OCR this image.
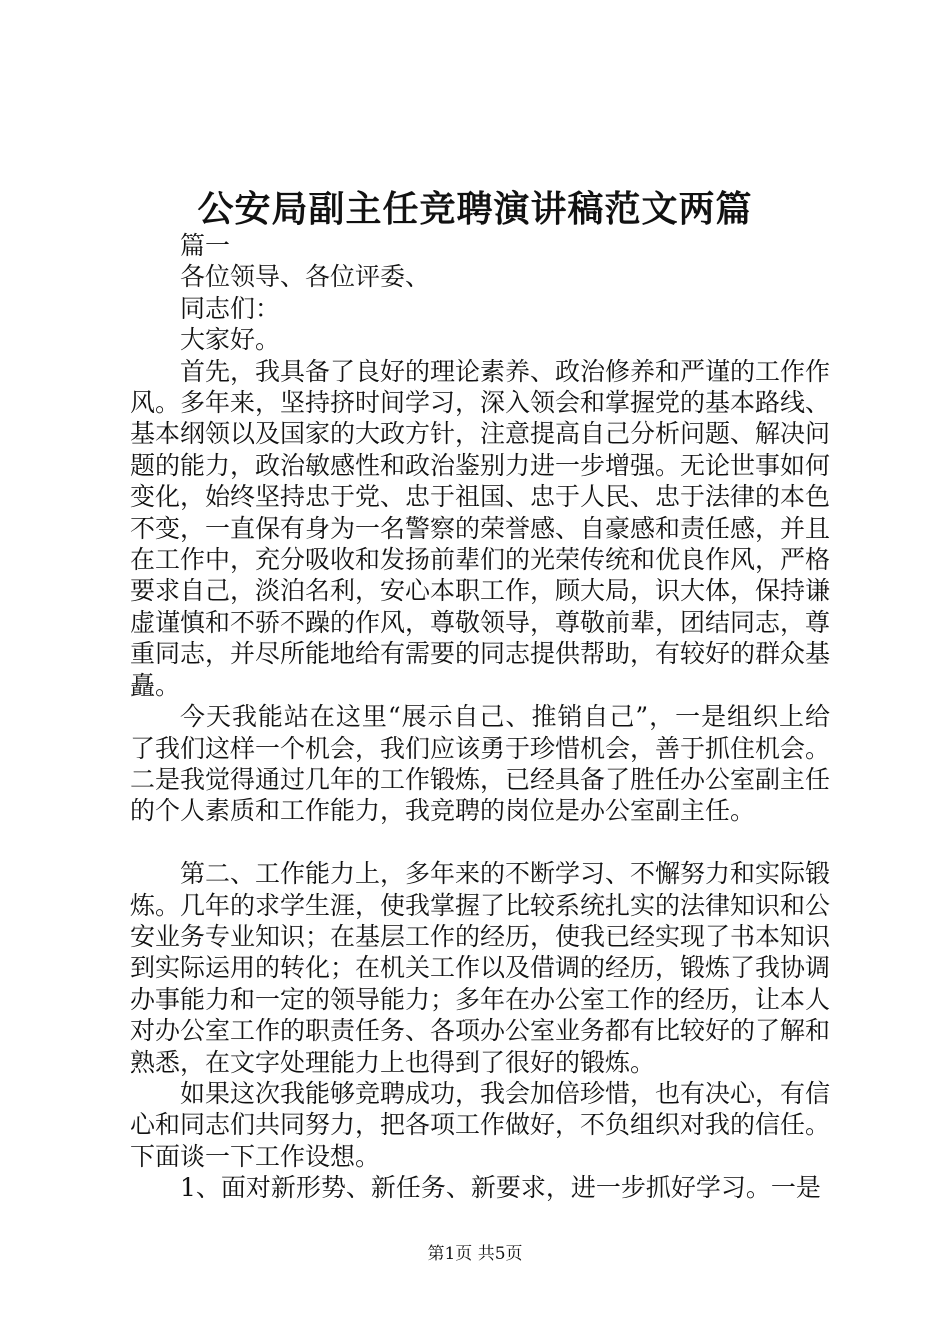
公安局副主任竞聘演讲稿范文两篇

篇一

各位领导、各位评委、

同志们：

大家好。

首先，我具备了良好的理论素养、政治修养和严谨的工作作风。多年来，坚持挤时间学习，深入领会和掌握党的基本路线、基本纲领以及国家的大政方针，注意提高自己分析问题、解决问题的能力，政治敏感性和政治鉴别力进一步增强。无论世事如何变化，始终坚持忠于党、忠于祖国、忠于人民、忠于法律的本色不变，一直保有身为一名警察的荣誉感、自豪感和责任感，并且在工作中，充分吸收和发扬前辈们的光荣传统和优良作风，严格要求自己，淡泊名利，安心本职工作，顾大局，识大体，保持谦虚谨慎和不骄不躁的作风，尊敬领导，尊敬前辈，团结同志，尊重同志，并尽所能地给有需要的同志提供帮助，有较好的群众基矗。

今天我能站在这里“展示自己、推销自己”，一是组织上给了我们这样一个机会，我们应该勇于珍惜机会，善于抓住机会。二是我觉得通过几年的工作锻炼，已经具备了胜任办公室副主任的个人素质和工作能力，我竞聘的岗位是办公室副主任。

第二、工作能力上，多年来的不断学习、不懈努力和实际锻炼。几年的求学生涯，使我掌握了比较系统扎实的法律知识和公安业务专业知识；在基层工作的经历，使我已经实现了书本知识到实际运用的转化；在机关工作以及借调的经历，锻炼了我协调办事能力和一定的领导能力；多年在办公室工作的经历，让本人对办公室工作的职责任务、各项办公室业务都有比较好的了解和熟悉，在文字处理能力上也得到了很好的锻炼。

如果这次我能够竞聘成功，我会加倍珍惜，也有决心，有信心和同志们共同努力，把各项工作做好，不负组织对我的信任。下面谈一下工作设想。

1、面对新形势、新任务、新要求，进一步抓好学习。一是

第1页 共5页
